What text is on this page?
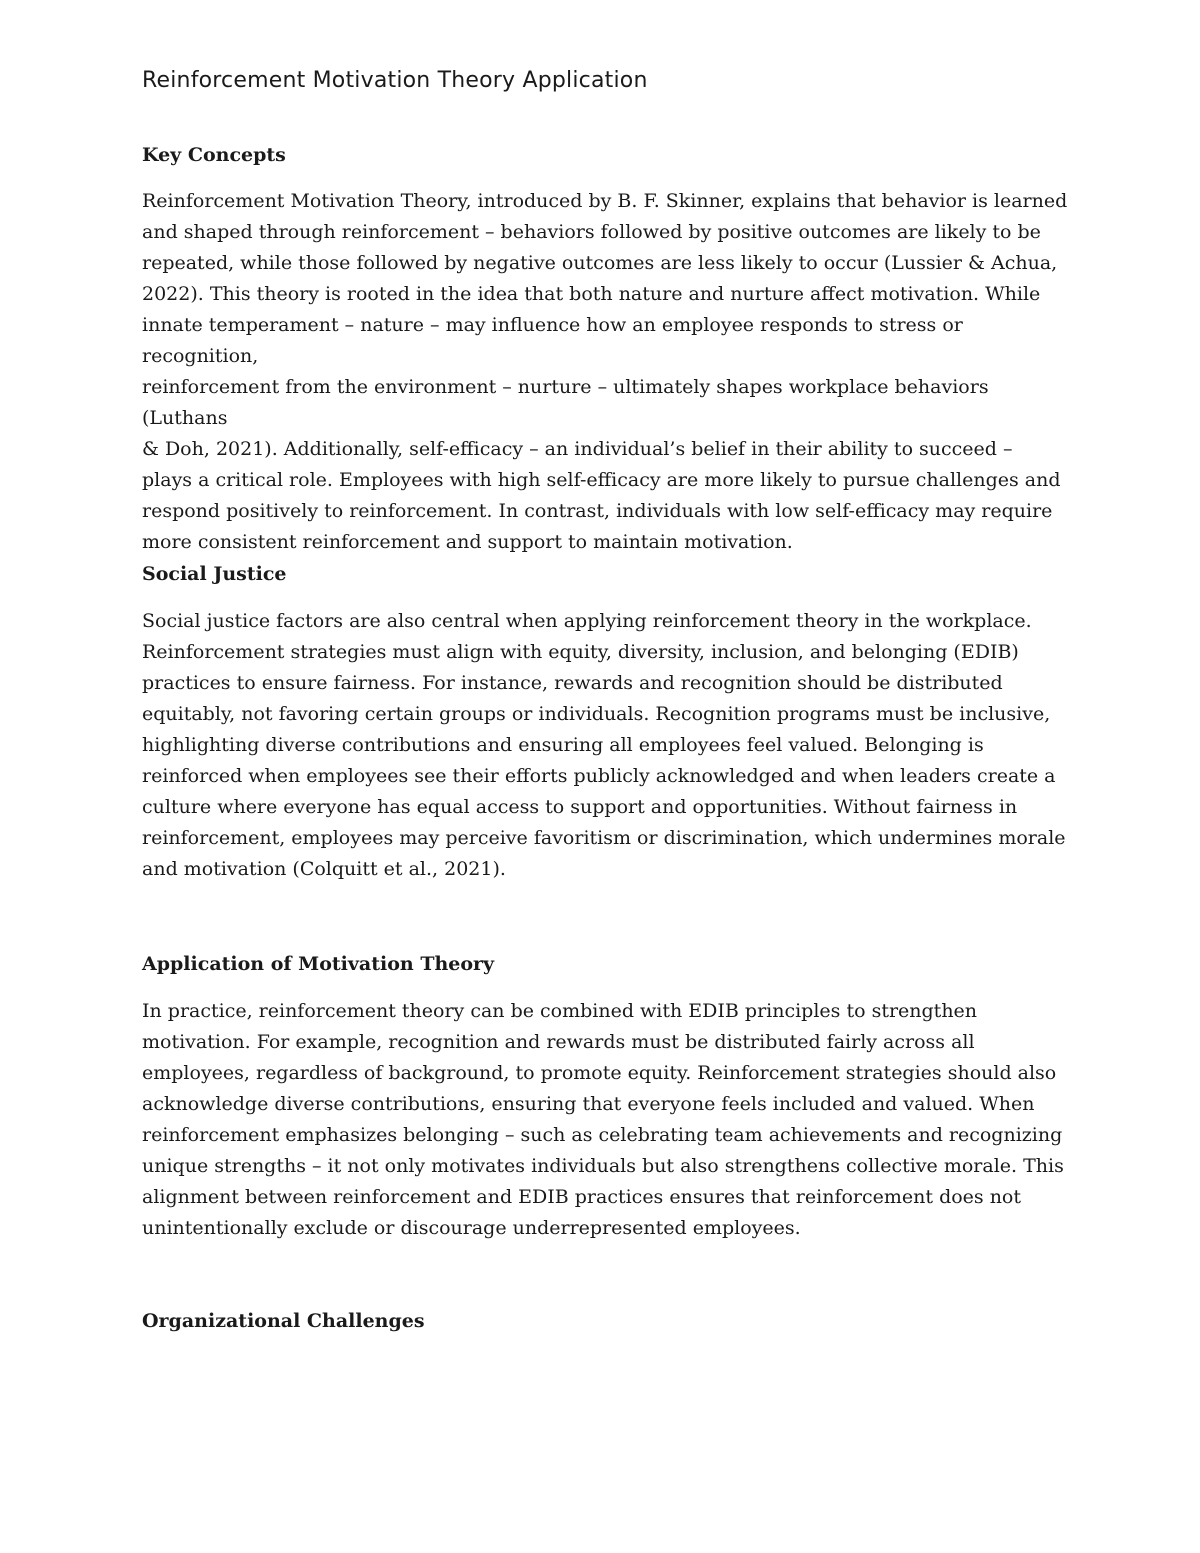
Reinforcement Motivation Theory Application
Key Concepts

Reinforcement Motivation Theory, introduced by B. F. Skinner, explains that behavior is learned
and shaped through reinforcement – behaviors followed by positive outcomes are likely to be
repeated, while those followed by negative outcomes are less likely to occur (Lussier & Achua,
2022). This theory is rooted in the idea that both nature and nurture affect motivation. While
innate temperament – nature – may influence how an employee responds to stress or recognition,
reinforcement from the environment – nurture – ultimately shapes workplace behaviors (Luthans
& Doh, 2021). Additionally, self-efficacy – an individual’s belief in their ability to succeed –
plays a critical role. Employees with high self-efficacy are more likely to pursue challenges and
respond positively to reinforcement. In contrast, individuals with low self-efficacy may require
more consistent reinforcement and support to maintain motivation.

Social Justice

Social justice factors are also central when applying reinforcement theory in the workplace.
Reinforcement strategies must align with equity, diversity, inclusion, and belonging (EDIB)
practices to ensure fairness. For instance, rewards and recognition should be distributed
equitably, not favoring certain groups or individuals. Recognition programs must be inclusive,
highlighting diverse contributions and ensuring all employees feel valued. Belonging is
reinforced when employees see their efforts publicly acknowledged and when leaders create a
culture where everyone has equal access to support and opportunities. Without fairness in
reinforcement, employees may perceive favoritism or discrimination, which undermines morale
and motivation (Colquitt et al., 2021).

Application of Motivation Theory

In practice, reinforcement theory can be combined with EDIB principles to strengthen
motivation. For example, recognition and rewards must be distributed fairly across all
employees, regardless of background, to promote equity. Reinforcement strategies should also
acknowledge diverse contributions, ensuring that everyone feels included and valued. When
reinforcement emphasizes belonging – such as celebrating team achievements and recognizing
unique strengths – it not only motivates individuals but also strengthens collective morale. This
alignment between reinforcement and EDIB practices ensures that reinforcement does not
unintentionally exclude or discourage underrepresented employees.

Organizational Challenges
